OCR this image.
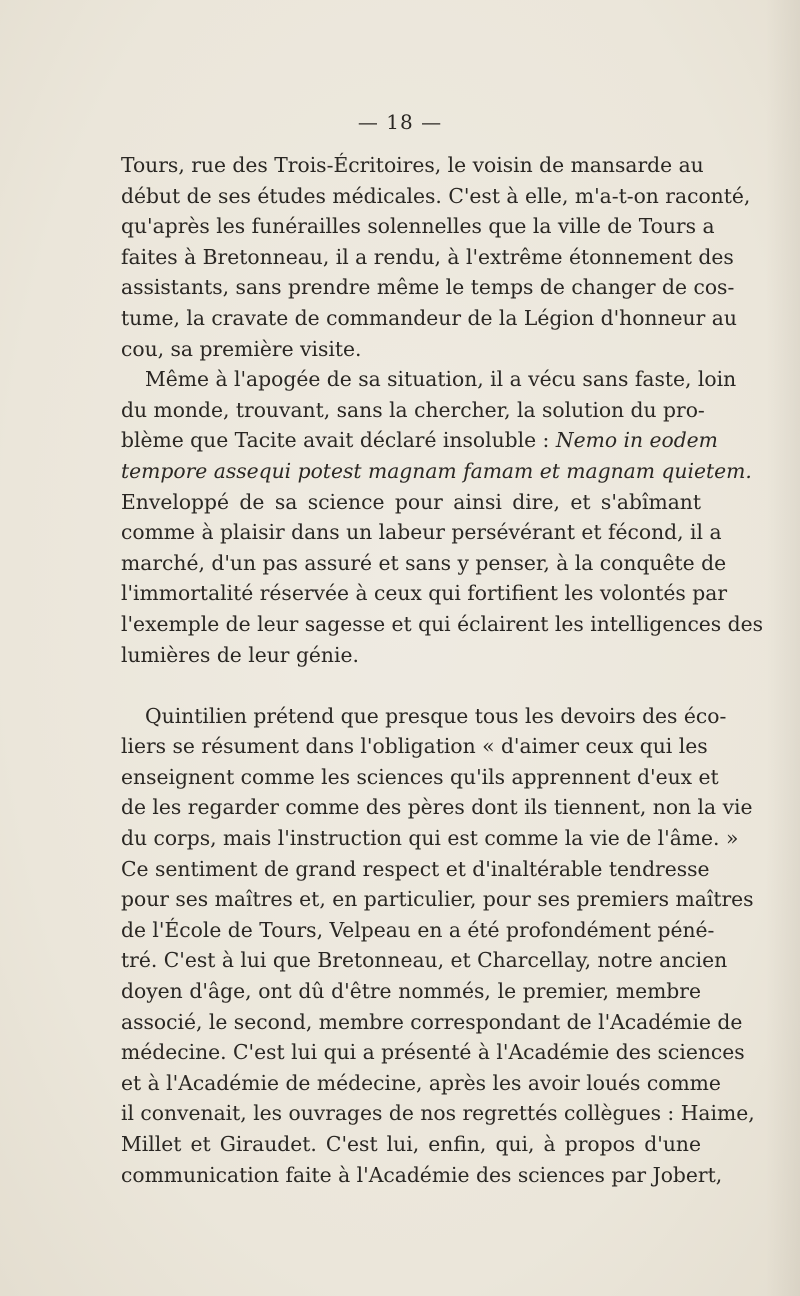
— 18 —
Tours, rue des Trois-Écritoires, le voisin de mansarde au
début de ses études médicales. C'est à elle, m'a-t-on raconté,
qu'après les funérailles solennelles que la ville de Tours a
faites à Bretonneau, il a rendu, à l'extrême étonnement des
assistants, sans prendre même le temps de changer de cos-
tume, la cravate de commandeur de la Légion d'honneur au
cou, sa première visite.
Même à l'apogée de sa situation, il a vécu sans faste, loin
du monde, trouvant, sans la chercher, la solution du pro-
blème que Tacite avait déclaré insoluble : Nemo in eodem
tempore assequi potest magnam famam et magnam quietem.
Enveloppé de sa science pour ainsi dire, et s'abîmant
comme à plaisir dans un labeur persévérant et fécond, il a
marché, d'un pas assuré et sans y penser, à la conquête de
l'immortalité réservée à ceux qui fortifient les volontés par
l'exemple de leur sagesse et qui éclairent les intelligences des
lumières de leur génie.
Quintilien prétend que presque tous les devoirs des éco-
liers se résument dans l'obligation « d'aimer ceux qui les
enseignent comme les sciences qu'ils apprennent d'eux et
de les regarder comme des pères dont ils tiennent, non la vie
du corps, mais l'instruction qui est comme la vie de l'âme. »
Ce sentiment de grand respect et d'inaltérable tendresse
pour ses maîtres et, en particulier, pour ses premiers maîtres
de l'École de Tours, Velpeau en a été profondément péné-
tré. C'est à lui que Bretonneau, et Charcellay, notre ancien
doyen d'âge, ont dû d'être nommés, le premier, membre
associé, le second, membre correspondant de l'Académie de
médecine. C'est lui qui a présenté à l'Académie des sciences
et à l'Académie de médecine, après les avoir loués comme
il convenait, les ouvrages de nos regrettés collègues : Haime,
Millet et Giraudet. C'est lui, enfin, qui, à propos d'une
communication faite à l'Académie des sciences par Jobert,
